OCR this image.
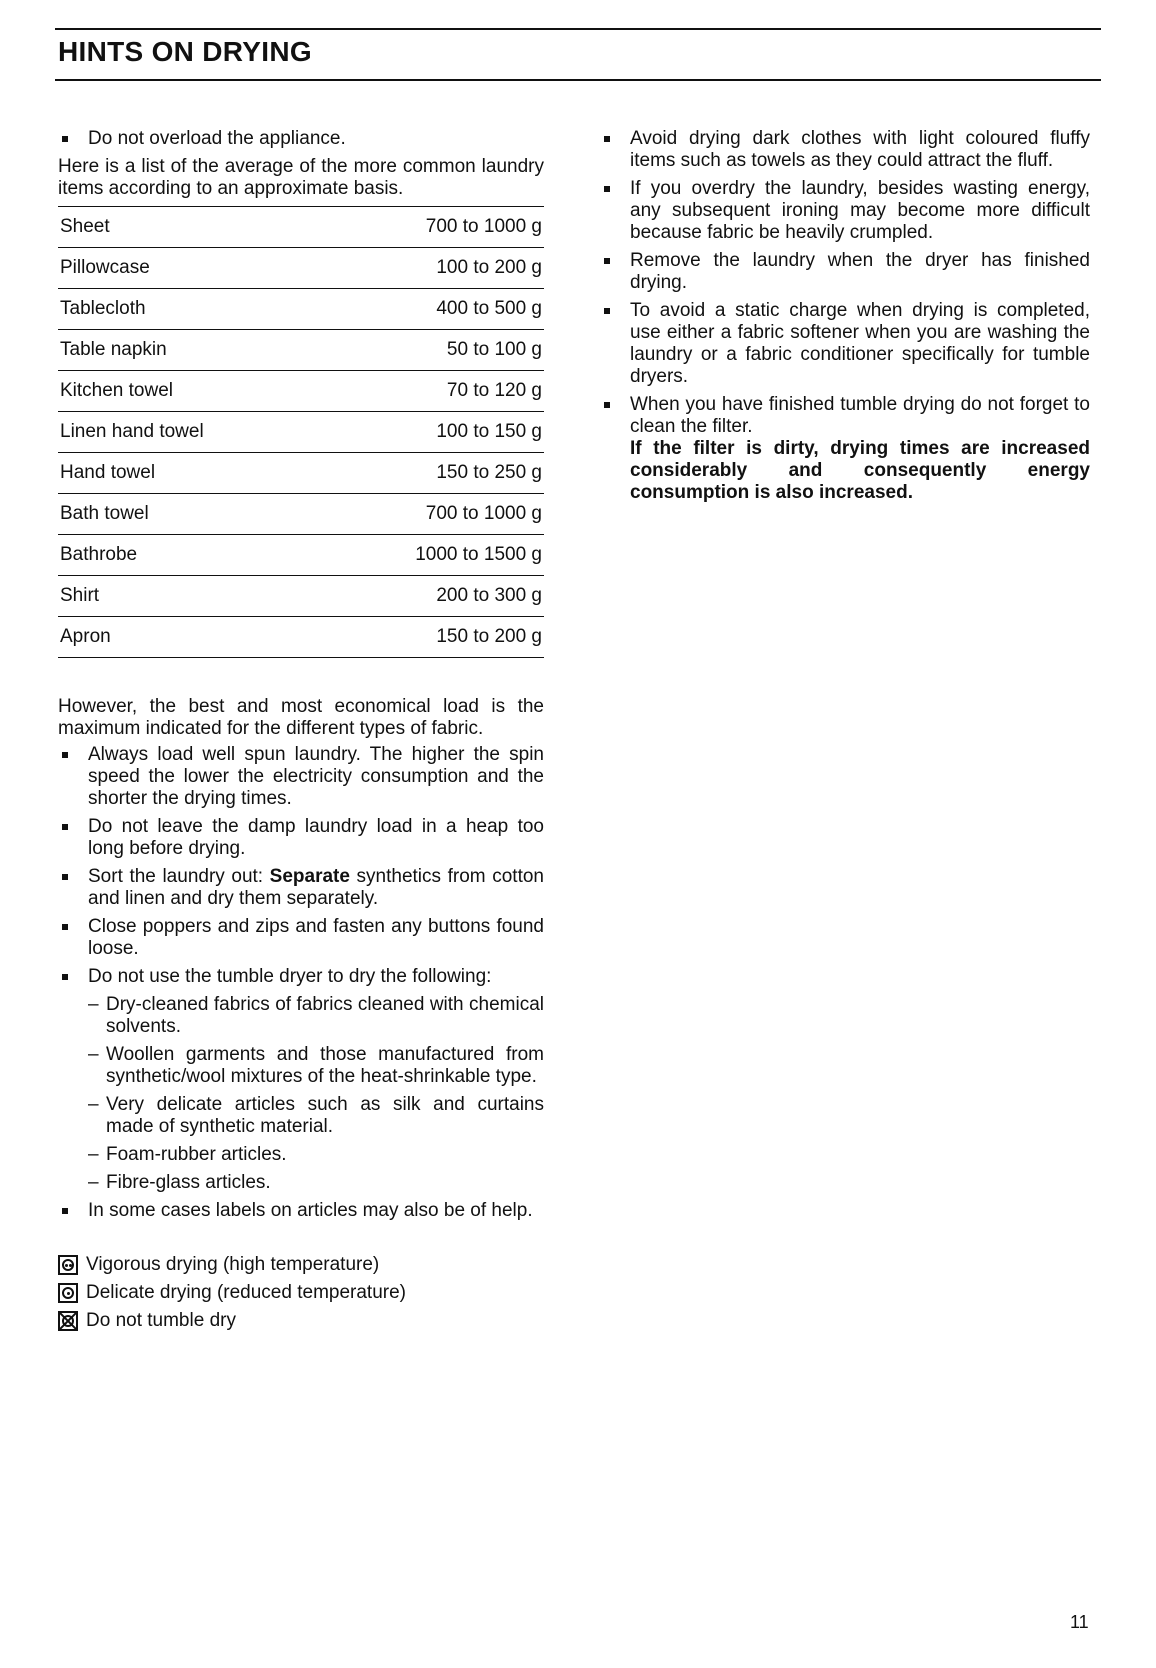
HINTS ON DRYING
Do not overload the appliance.
Here is a list of the average of the more common laundry items according to an approximate basis.
Sheet	700 to 1000 g
Pillowcase	100 to 200 g
Tablecloth	400 to 500 g
Table napkin	50 to 100 g
Kitchen towel	70 to 120 g
Linen hand towel	100 to 150 g
Hand towel	150 to 250 g
Bath towel	700 to 1000 g
Bathrobe	1000 to 1500 g
Shirt	200 to 300 g
Apron	150 to 200 g
However, the best and most economical load is the maximum indicated for the different types of fabric.
Always load well spun laundry. The higher the spin speed the lower the electricity consumption and the shorter the drying times.
Do not leave the damp laundry load in a heap too long before drying.
Sort the laundry out: Separate synthetics from cotton and linen and dry them separately.
Close poppers and zips and fasten any buttons found loose.
Do not use the tumble dryer to dry the following:
– Dry-cleaned fabrics of fabrics cleaned with chemical solvents.
– Woollen garments and those manufactured from synthetic/wool mixtures of the heat-shrinkable type.
– Very delicate articles such as silk and curtains made of synthetic material.
– Foam-rubber articles.
– Fibre-glass articles.
In some cases labels on articles may also be of help.
Vigorous drying (high temperature)
Delicate drying (reduced temperature)
Do not tumble dry
Avoid drying dark clothes with light coloured fluffy items such as towels as they could attract the fluff.
If you overdry the laundry, besides wasting energy, any subsequent ironing may become more difficult because fabric be heavily crumpled.
Remove the laundry when the dryer has finished drying.
To avoid a static charge when drying is completed, use either a fabric softener when you are washing the laundry or a fabric conditioner specifically for tumble dryers.
When you have finished tumble drying do not forget to clean the filter.
If the filter is dirty, drying times are increased considerably and consequently energy consumption is also increased.
11
